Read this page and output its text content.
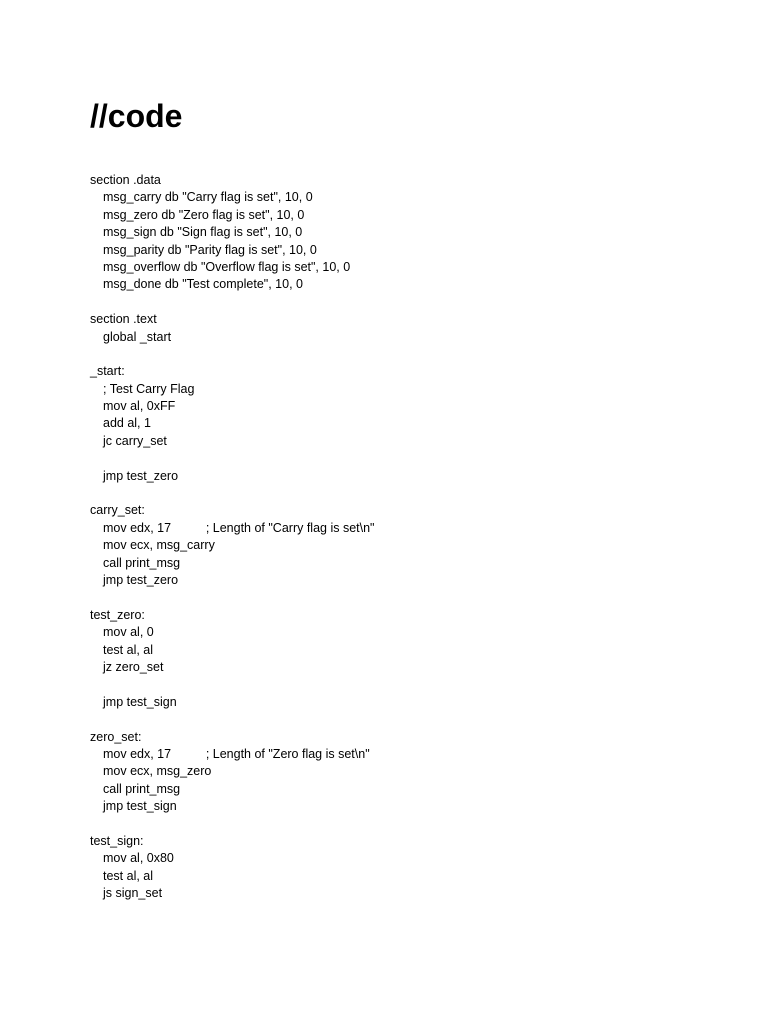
//code
section .data
msg_carry db "Carry flag is set", 10, 0
msg_zero db "Zero flag is set", 10, 0
msg_sign db "Sign flag is set", 10, 0
msg_parity db "Parity flag is set", 10, 0
msg_overflow db "Overflow flag is set", 10, 0
msg_done db "Test complete", 10, 0
section .text
global _start
_start:
; Test Carry Flag
mov al, 0xFF
add al, 1
jc carry_set
jmp test_zero
carry_set:
mov edx, 17          ; Length of "Carry flag is set\n"
mov ecx, msg_carry
call print_msg
jmp test_zero
test_zero:
mov al, 0
test al, al
jz zero_set
jmp test_sign
zero_set:
mov edx, 17          ; Length of "Zero flag is set\n"
mov ecx, msg_zero
call print_msg
jmp test_sign
test_sign:
mov al, 0x80
test al, al
js sign_set
